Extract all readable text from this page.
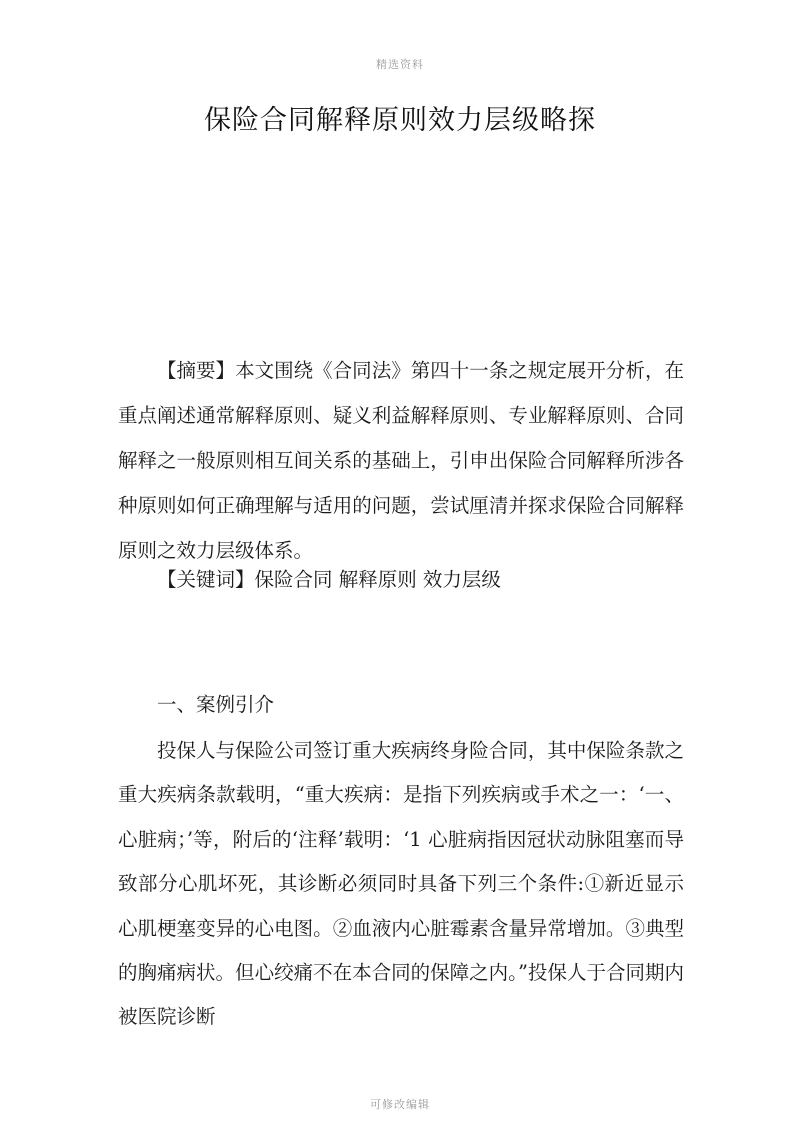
精选资料
保险合同解释原则效力层级略探

【摘要】本文围绕《合同法》第四十一条之规定展开分析，在重点阐述通常解释原则、疑义利益解释原则、专业解释原则、合同解释之一般原则相互间关系的基础上，引申出保险合同解释所涉各种原则如何正确理解与适用的问题，尝试厘清并探求保险合同解释原则之效力层级体系。

【关键词】保险合同 解释原则 效力层级

一、案例引介

投保人与保险公司签订重大疾病终身险合同，其中保险条款之重大疾病条款载明，“重大疾病：是指下列疾病或手术之一：‘一、心脏病；’等，附后的‘注释’载明：‘1 心脏病指因冠状动脉阻塞而导致部分心肌坏死，其诊断必须同时具备下列三个条件:①新近显示心肌梗塞变异的心电图。②血液内心脏霉素含量异常增加。③典型的胸痛病状。但心绞痛不在本合同的保障之内。”投保人于合同期内被医院诊断

可修改编辑
